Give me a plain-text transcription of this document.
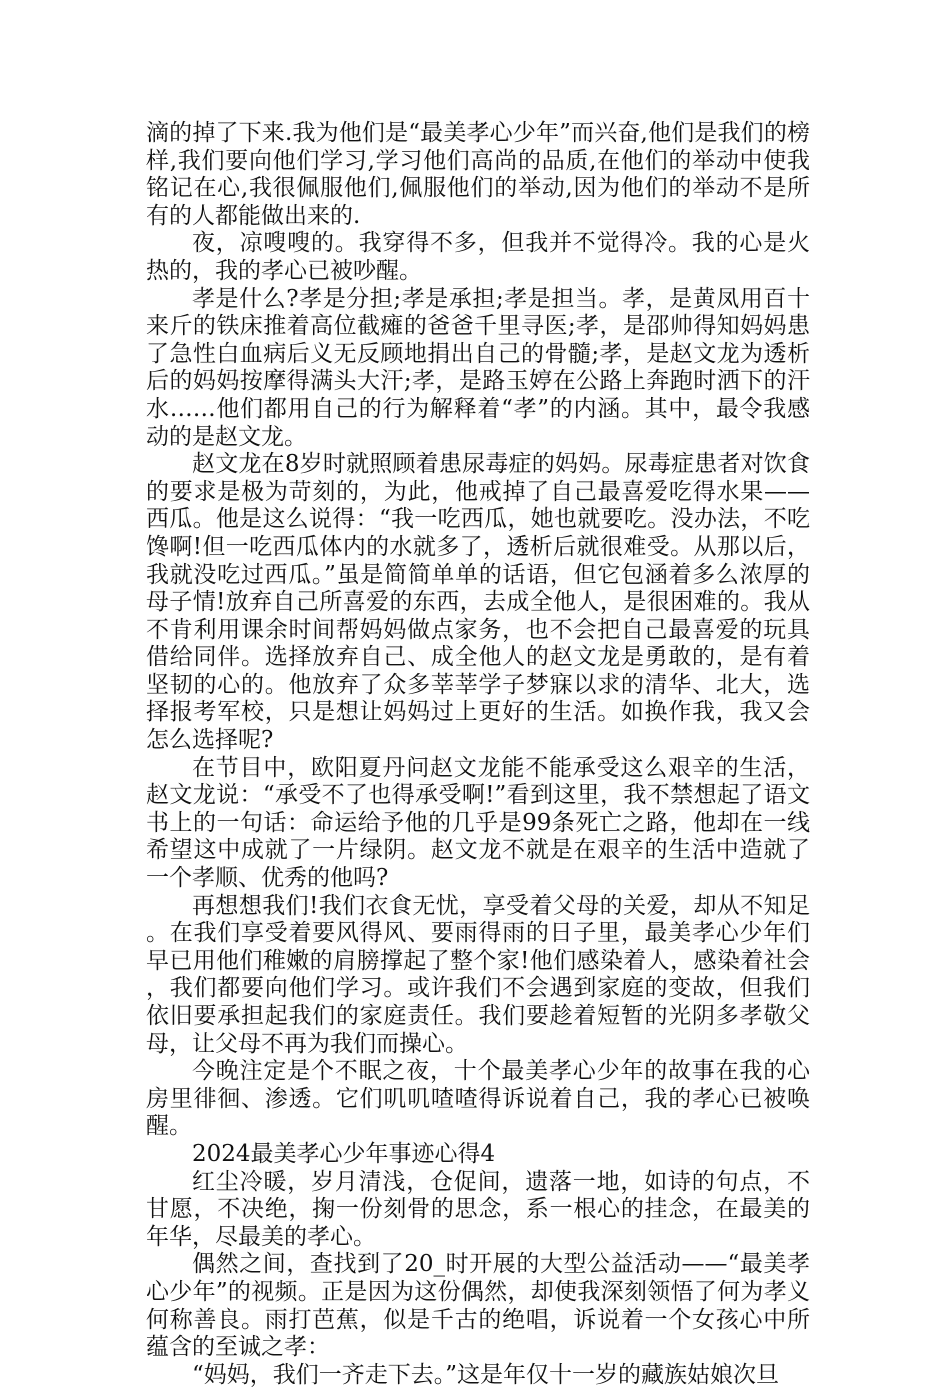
滴的掉了下来.我为他们是“最美孝心少年”而兴奋,他们是我们的榜样,我们要向他们学习,学习他们高尚的品质,在他们的举动中使我铭记在心,我很佩服他们,佩服他们的举动,因为他们的举动不是所有的人都能做出来的.

夜，凉嗖嗖的。我穿得不多，但我并不觉得冷。我的心是火热的，我的孝心已被吵醒。

孝是什么?孝是分担;孝是承担;孝是担当。孝，是黄凤用百十来斤的铁床推着高位截瘫的爸爸千里寻医;孝，是邵帅得知妈妈患了急性白血病后义无反顾地捐出自己的骨髓;孝，是赵文龙为透析后的妈妈按摩得满头大汗;孝，是路玉婷在公路上奔跑时洒下的汗水……他们都用自己的行为解释着“孝”的内涵。其中，最令我感动的是赵文龙。

赵文龙在8岁时就照顾着患尿毒症的妈妈。尿毒症患者对饮食的要求是极为苛刻的，为此，他戒掉了自己最喜爱吃得水果——西瓜。他是这么说得：“我一吃西瓜，她也就要吃。没办法，不吃馋啊!但一吃西瓜体内的水就多了，透析后就很难受。从那以后，我就没吃过西瓜。”虽是简简单单的话语，但它包涵着多么浓厚的母子情!放弃自己所喜爱的东西，去成全他人，是很困难的。我从不肯利用课余时间帮妈妈做点家务，也不会把自己最喜爱的玩具借给同伴。选择放弃自己、成全他人的赵文龙是勇敢的，是有着坚韧的心的。他放弃了众多莘莘学子梦寐以求的清华、北大，选择报考军校，只是想让妈妈过上更好的生活。如换作我，我又会怎么选择呢?

在节目中，欧阳夏丹问赵文龙能不能承受这么艰辛的生活，赵文龙说：“承受不了也得承受啊!”看到这里，我不禁想起了语文书上的一句话：命运给予他的几乎是99条死亡之路，他却在一线希望这中成就了一片绿阴。赵文龙不就是在艰辛的生活中造就了一个孝顺、优秀的他吗?

再想想我们!我们衣食无忧，享受着父母的关爱，却从不知足。在我们享受着要风得风、要雨得雨的日子里，最美孝心少年们早已用他们稚嫩的肩膀撑起了整个家!他们感染着人，感染着社会，我们都要向他们学习。或许我们不会遇到家庭的变故，但我们依旧要承担起我们的家庭责任。我们要趁着短暂的光阴多孝敬父母，让父母不再为我们而操心。

今晚注定是个不眠之夜，十个最美孝心少年的故事在我的心房里徘徊、渗透。它们叽叽喳喳得诉说着自己，我的孝心已被唤醒。

2024最美孝心少年事迹心得4

红尘冷暖，岁月清浅，仓促间，遗落一地，如诗的句点，不甘愿，不决绝，掬一份刻骨的思念，系一根心的挂念，在最美的年华，尽最美的孝心。

偶然之间，查找到了20_时开展的大型公益活动——“最美孝心少年”的视频。正是因为这份偶然，却使我深刻领悟了何为孝义何称善良。雨打芭蕉，似是千古的绝唱，诉说着一个女孩心中所蕴含的至诚之孝：

“妈妈，我们一齐走下去。”这是年仅十一岁的藏族姑娘次旦
